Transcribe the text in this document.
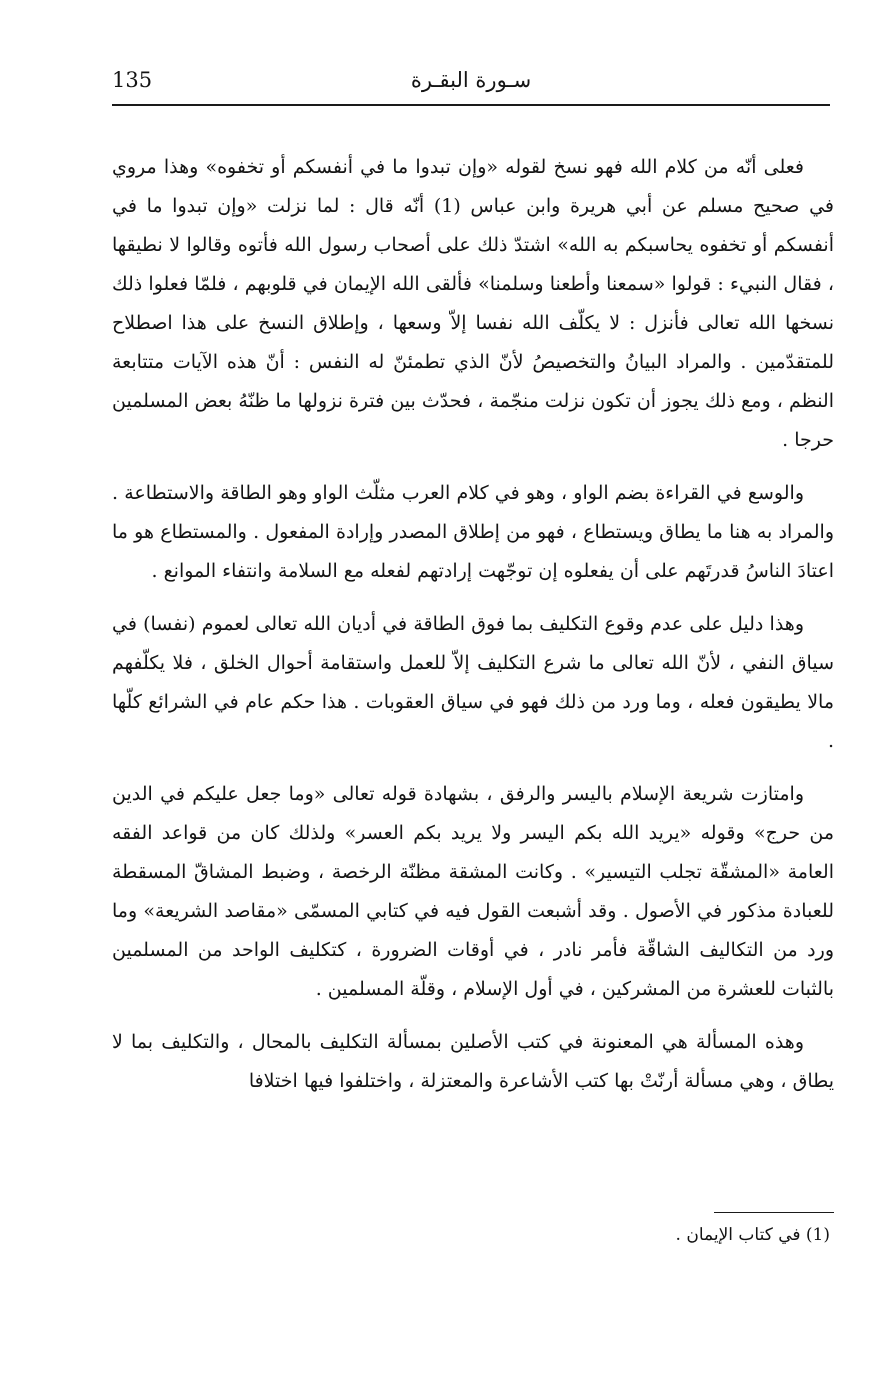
135	سـورة البقـرة

فعلى أنّه من كلام الله فهو نسخ لقوله «وإن تبدوا ما في أنفسكم أو تخفوه» وهذا مروي في صحيح مسلم عن أبي هريرة وابن عباس (1) أنّه قال : لما نزلت «وإن تبدوا ما في أنفسكم أو تخفوه يحاسبكم به الله» اشتدّ ذلك على أصحاب رسول الله فأتوه وقالوا لا نطيقها ، فقال النبيء : قولوا «سمعنا وأطعنا وسلمنا» فألقى الله الإيمان في قلوبهم ، فلمّا فعلوا ذلك نسخها الله تعالى فأنزل : لا يكلّف الله نفسا إلاّ وسعها ، وإطلاق النسخ على هذا اصطلاح للمتقدّمين . والمراد البيانُ والتخصيصُ لأنّ الذي تطمئنّ له النفس : أنّ هذه الآيات متتابعة النظم ، ومع ذلك يجوز أن تكون نزلت منجّمة ، فحدّث بين فترة نزولها ما ظنّهُ بعض المسلمين حرجا .

والوسع في القراءة بضم الواو ، وهو في كلام العرب مثلّث الواو وهو الطاقة والاستطاعة . والمراد به هنا ما يطاق ويستطاع ، فهو من إطلاق المصدر وإرادة المفعول . والمستطاع هو ما اعتادَ الناسُ قدرتَهم على أن يفعلوه إن توجّهت إرادتهم لفعله مع السلامة وانتفاء الموانع .

وهذا دليل على عدم وقوع التكليف بما فوق الطاقة في أديان الله تعالى لعموم (نفسا) في سياق النفي ، لأنّ الله تعالى ما شرع التكليف إلاّ للعمل واستقامة أحوال الخلق ، فلا يكلّفهم مالا يطيقون فعله ، وما ورد من ذلك فهو في سياق العقوبات . هذا حكم عام في الشرائع كلّها .

وامتازت شريعة الإسلام باليسر والرفق ، بشهادة قوله تعالى «وما جعل عليكم في الدين من حرج» وقوله «يريد الله بكم اليسر ولا يريد بكم العسر» ولذلك كان من قواعد الفقه العامة «المشقّة تجلب التيسير» . وكانت المشقة مظنّة الرخصة ، وضبط المشاقّ المسقطة للعبادة مذكور في الأصول . وقد أشبعت القول فيه في كتابي المسمّى «مقاصد الشريعة» وما ورد من التكاليف الشاقّة فأمر نادر ، في أوقات الضرورة ، كتكليف الواحد من المسلمين بالثبات للعشرة من المشركين ، في أول الإسلام ، وقلّة المسلمين .

وهذه المسألة هي المعنونة في كتب الأصلين بمسألة التكليف بالمحال ، والتكليف بما لا يطاق ، وهي مسألة أرنّتْ بها كتب الأشاعرة والمعتزلة ، واختلفوا فيها اختلافا

(1) في كتاب الإيمان .
